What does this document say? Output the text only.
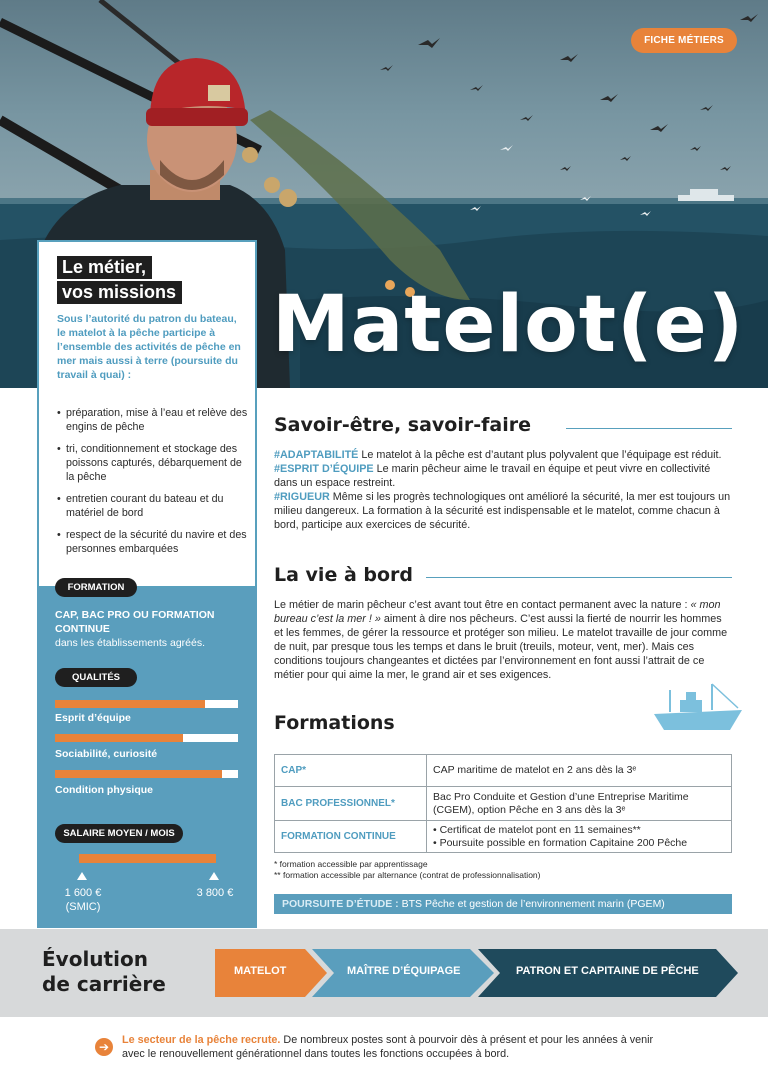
FICHE MÉTIERS
Matelot(e)
Le métier,
vos missions

Sous l’autorité du patron du bateau, le matelot à la pêche participe à l’ensemble des activités de pêche en mer mais aussi à terre (poursuite du travail à quai) :

• préparation, mise à l’eau et relève des engins de pêche
• tri, conditionnement et stockage des poissons capturés, débarquement de la pêche
• entretien courant du bateau et du matériel de bord
• respect de la sécurité du navire et des personnes embarquées
FORMATION
CAP, BAC PRO OU FORMATION CONTINUE
dans les établissements agréés.
QUALITÉS
Esprit d’équipe
Sociabilité, curiosité
Condition physique
SALAIRE MOYEN / MOIS
1 600 €
(SMIC)
3 800 €
Savoir-être, savoir-faire
#ADAPTABILITÉ Le matelot à la pêche est d’autant plus polyvalent que l’équipage est réduit.
#ESPRIT D’ÉQUIPE Le marin pêcheur aime le travail en équipe et peut vivre en collectivité dans un espace restreint.
#RIGUEUR Même si les progrès technologiques ont amélioré la sécurité, la mer est toujours un milieu dangereux. La formation à la sécurité est indispensable et le matelot, comme chacun à bord, participe aux exercices de sécurité.
La vie à bord
Le métier de marin pêcheur c’est avant tout être en contact permanent avec la nature : « mon bureau c’est la mer ! » aiment à dire nos pêcheurs. C’est aussi la fierté de nourrir les hommes et les femmes, de gérer la ressource et protéger son milieu. Le matelot travaille de jour comme de nuit, par presque tous les temps et dans le bruit (treuils, moteur, vent, mer). Mais ces conditions toujours changeantes et dictées par l’environnement en font aussi l’attrait de ce métier pour qui aime la mer, le grand air et ses exigences.
Formations
CAP*	CAP maritime de matelot en 2 ans dès la 3ᵉ
BAC PROFESSIONNEL*	Bac Pro Conduite et Gestion d’une Entreprise Maritime (CGEM), option Pêche en 3 ans dès la 3ᵉ
FORMATION CONTINUE	• Certificat de matelot pont en 11 semaines**
• Poursuite possible en formation Capitaine 200 Pêche
* formation accessible par apprentissage
** formation accessible par alternance (contrat de professionnalisation)
POURSUITE D’ÉTUDE : BTS Pêche et gestion de l’environnement marin (PGEM)
Évolution
de carrière
MATELOT	MAÎTRE D’ÉQUIPAGE	PATRON ET CAPITAINE DE PÊCHE
➔	Le secteur de la pêche recrute. De nombreux postes sont à pourvoir dès à présent et pour les années à venir avec le renouvellement générationnel dans toutes les fonctions occupées à bord.
